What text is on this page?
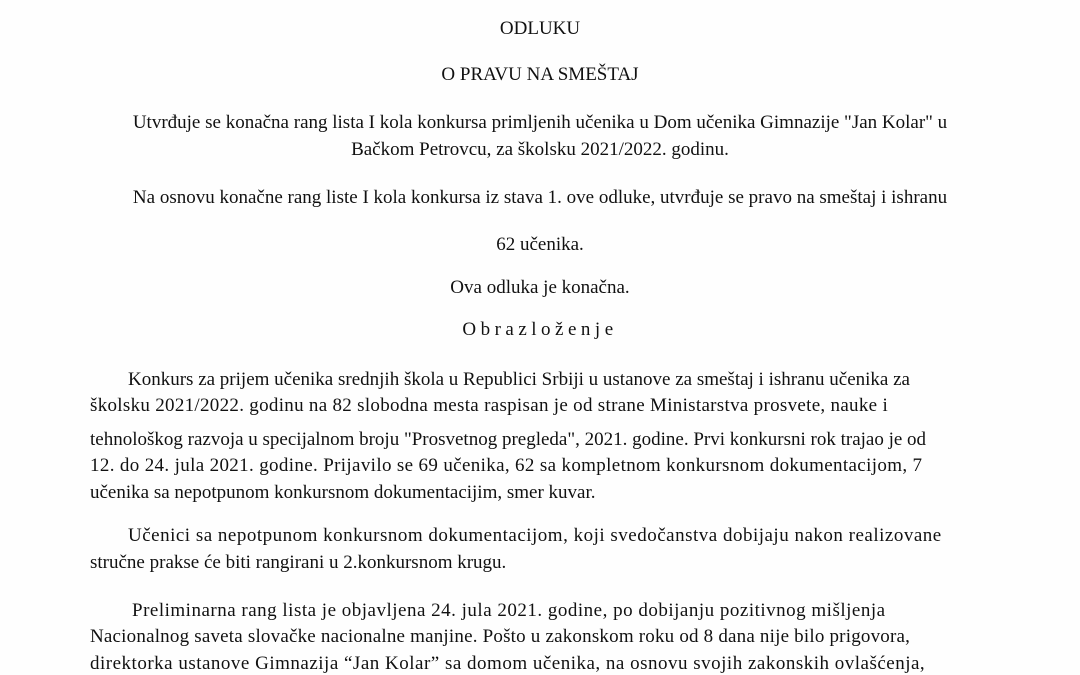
ODLUKU
O PRAVU NA SMEŠTAJ
Utvrđuje se konačna rang lista I kola konkursa primljenih učenika u Dom učenika Gimnazije "Jan Kolar" u
Bačkom Petrovcu, za školsku 2021/2022. godinu.
Na osnovu konačne rang liste I kola konkursa iz stava 1. ove odluke, utvrđuje se pravo na smeštaj i ishranu
62 učenika.
Ova odluka je konačna.
Obrazloženje
Konkurs za prijem učenika srednjih škola u Republici Srbiji u ustanove za smeštaj i ishranu učenika za
školsku 2021/2022. godinu na 82 slobodna mesta raspisan je od strane Ministarstva prosvete, nauke i
tehnološkog razvoja u specijalnom broju "Prosvetnog pregleda", 2021. godine. Prvi konkursni rok trajao je od
12. do 24. jula 2021. godine. Prijavilo se 69 učenika, 62 sa kompletnom konkursnom dokumentacijom, 7
učenika sa nepotpunom konkursnom dokumentacijim, smer kuvar.
Učenici sa nepotpunom konkursnom dokumentacijom, koji svedočanstva dobijaju nakon realizovane
stručne prakse će biti rangirani u 2.konkursnom krugu.
Preliminarna rang lista je objavljena 24. jula 2021. godine, po dobijanju pozitivnog mišljenja
Nacionalnog saveta slovačke nacionalne manjine. Pošto u zakonskom roku od 8 dana nije bilo prigovora,
direktorka ustanove Gimnazija “Jan Kolar” sa domom učenika, na osnovu svojih zakonskih ovlašćenja,
